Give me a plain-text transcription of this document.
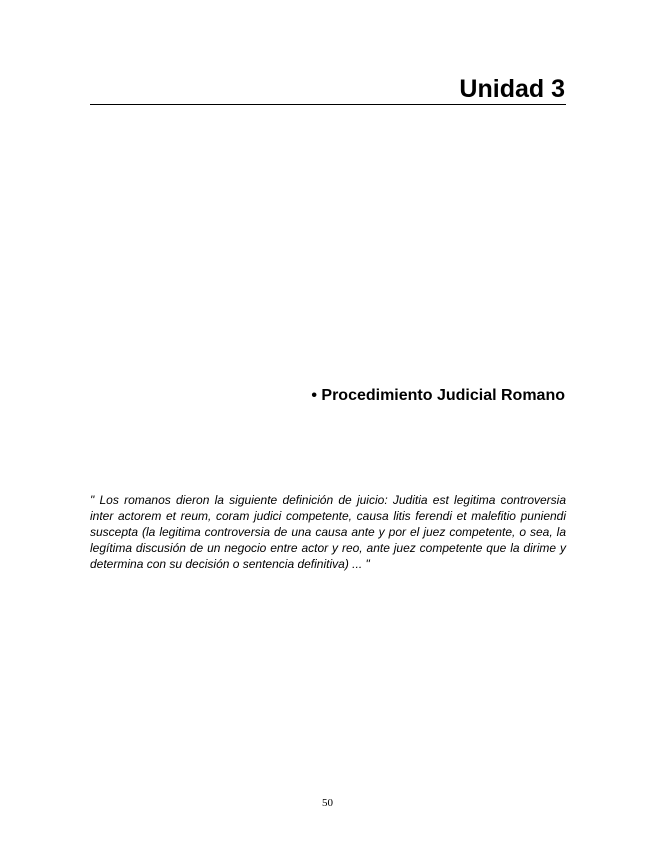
Unidad 3
• Procedimiento Judicial Romano

" Los romanos dieron la siguiente definición de juicio: Juditia est legitima controversia inter actorem et reum, coram judici competente, causa litis ferendi et malefitio puniendi suscepta (la legitima controversia de una causa ante y por el juez competente, o sea, la legítima discusión de un negocio entre actor y reo, ante juez competente que la dirime y determina con su decisión o sentencia definitiva) ... "

50
